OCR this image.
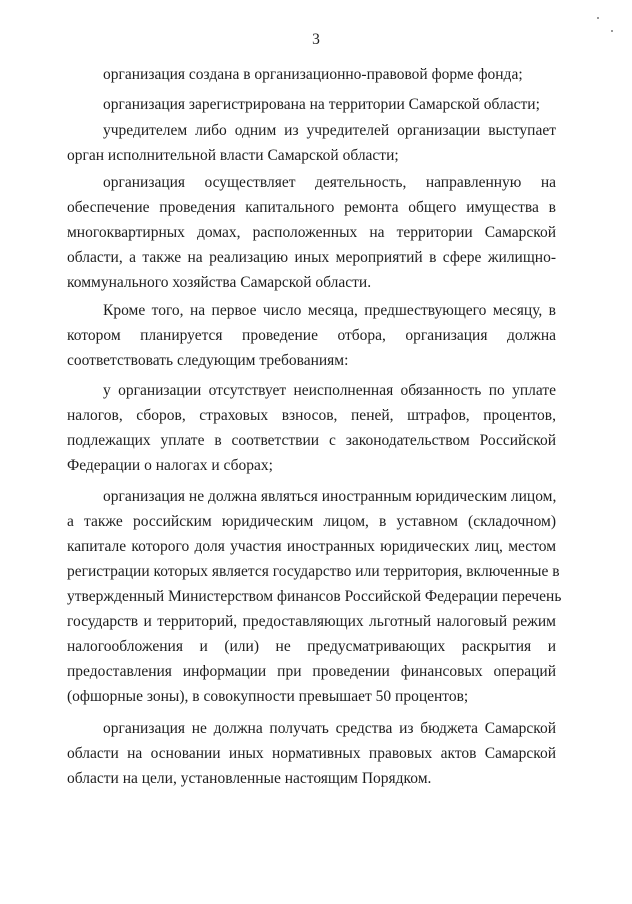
3
организация создана в организационно-правовой форме фонда;
организация зарегистрирована на территории Самарской области;
учредителем либо одним из учредителей организации выступает
орган исполнительной власти Самарской области;
организация осуществляет деятельность, направленную на
обеспечение проведения капитального ремонта общего имущества в
многоквартирных домах, расположенных на территории Самарской
области, а также на реализацию иных мероприятий в сфере жилищно-
коммунального хозяйства Самарской области.
Кроме того, на первое число месяца, предшествующего месяцу, в
котором планируется проведение отбора, организация должна
соответствовать следующим требованиям:
у организации отсутствует неисполненная обязанность по уплате
налогов, сборов, страховых взносов, пеней, штрафов, процентов,
подлежащих уплате в соответствии с законодательством Российской
Федерации о налогах и сборах;
организация не должна являться иностранным юридическим лицом,
а также российским юридическим лицом, в уставном (складочном)
капитале которого доля участия иностранных юридических лиц, местом
регистрации которых является государство или территория, включенные в
утвержденный Министерством финансов Российской Федерации перечень
государств и территорий, предоставляющих льготный налоговый режим
налогообложения и (или) не предусматривающих раскрытия и
предоставления информации при проведении финансовых операций
(офшорные зоны), в совокупности превышает 50 процентов;
организация не должна получать средства из бюджета Самарской
области на основании иных нормативных правовых актов Самарской
области на цели, установленные настоящим Порядком.
